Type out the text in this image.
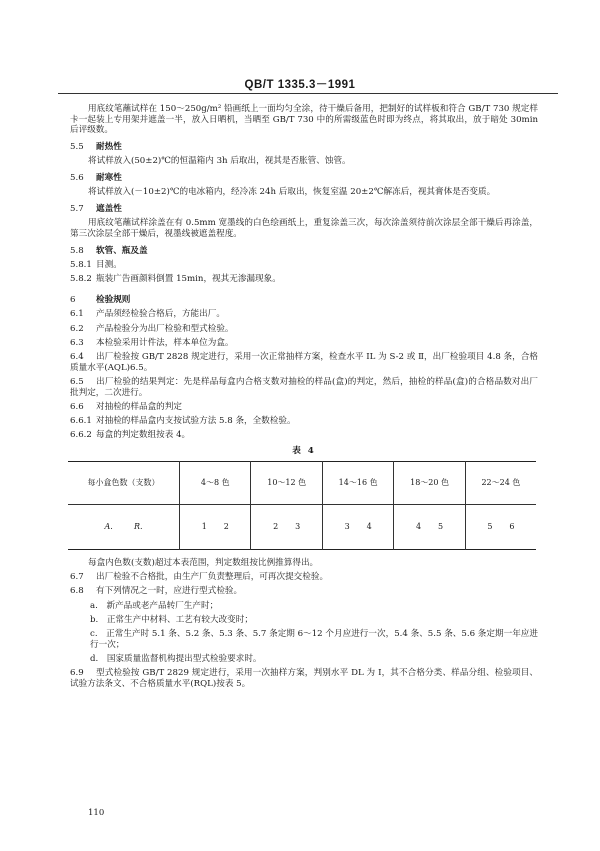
QB/T 1335.3－1991

用底纹笔蘸试样在 150～250g/m² 铅画纸上一面均匀全涂，待干燥后备用，把制好的试样板和符合 GB/T 730 规定样卡一起装上专用架并遮盖一半，放入日晒机，当晒至 GB/T 730 中的所需级蓝色时即为终点，将其取出，放于暗处 30min 后评级数。

5.5 耐热性

将试样放入(50±2)℃的恒温箱内 3h 后取出，视其是否胀管、蚀管。

5.6 耐寒性

将试样放入(－10±2)℃的电冰箱内，经冷冻 24h 后取出，恢复室温 20±2℃解冻后，视其膏体是否变质。

5.7 遮盖性

用底纹笔蘸试样涂盖在有 0.5mm 宽墨线的白色绘画纸上，重复涂盖三次，每次涂盖须待前次涂层全部干燥后再涂盖，第三次涂层全部干燥后，视墨线被遮盖程度。

5.8 软管、瓶及盖

5.8.1 目测。

5.8.2 瓶装广告画颜料倒置 15min，视其无渗漏现象。

6 检验规则

6.1 产品须经检验合格后，方能出厂。

6.2 产品检验分为出厂检验和型式检验。

6.3 本检验采用计件法，样本单位为盒。

6.4 出厂检验按 GB/T 2828 规定进行，采用一次正常抽样方案，检查水平 IL 为 S-2 或 Ⅱ，出厂检验项目 4.8 条，合格质量水平(AQL)6.5。

6.5 出厂检验的结果判定：先是样品每盒内合格支数对抽检的样品(盒)的判定，然后，抽检的样品(盒)的合格品数对出厂批判定，二次进行。

6.6 对抽检的样品盒的判定

6.6.1 对抽检的样品盒内支按试验方法 5.8 条，全数检验。

6.6.2 每盒的判定数组按表 4。

表 4
每小盒色数（支数）	4～8 色	10～12 色	14～16 色	18～20 色	22～24 色
A. R.	1 2	2 3	3 4	4 5	5 6

每盒内色数(支数)超过本表范围，判定数组按比例推算得出。

6.7 出厂检验不合格批，由生产厂负责整理后，可再次提交检验。

6.8 有下列情况之一时，应进行型式检验。

a.　新产品或老产品转厂生产时；

b.　正常生产中材料、工艺有较大改变时；

c.　正常生产时 5.1 条、5.2 条、5.3 条、5.7 条定期 6～12 个月应进行一次，5.4 条、5.5 条、5.6 条定期一年应进行一次；

d.　国家质量监督机构提出型式检验要求时。

6.9 型式检验按 GB/T 2829 规定进行，采用一次抽样方案，判别水平 DL 为 Ⅰ，其不合格分类、样品分组、检验项目、试验方法条文、不合格质量水平(RQL)按表 5。

110
